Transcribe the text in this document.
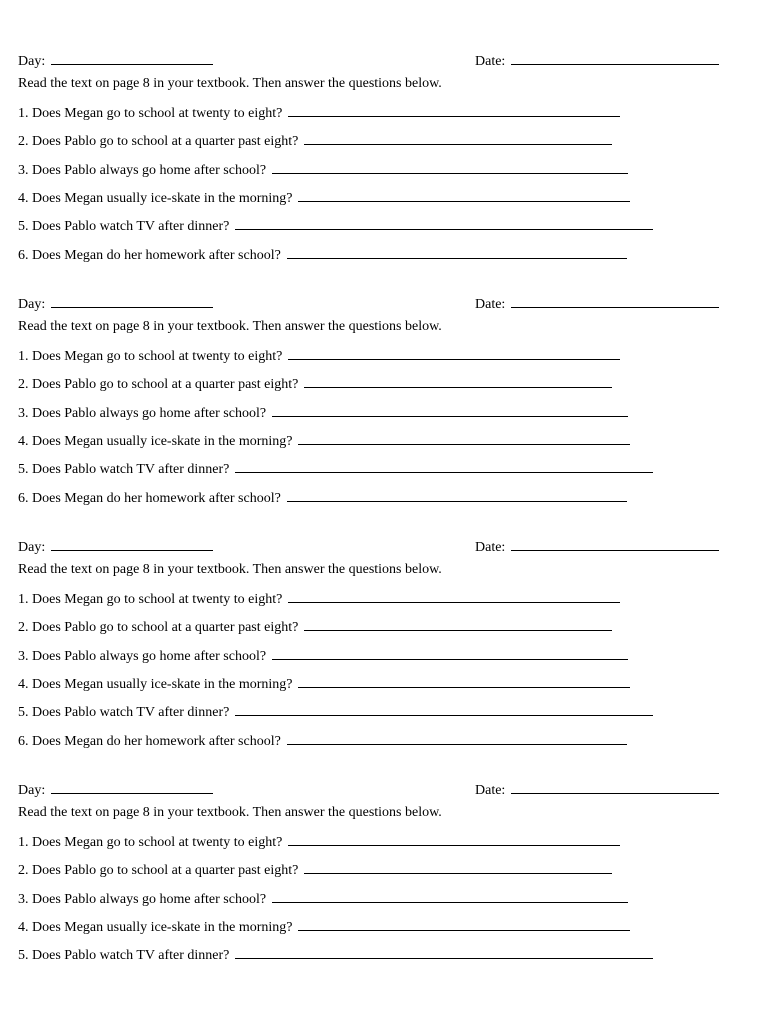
Day:	Date:
Read the text on page 8 in your textbook. Then answer the questions below.
1. Does Megan go to school at twenty to eight?
2. Does Pablo go to school at a quarter past eight?
3. Does Pablo always go home after school?
4. Does Megan usually ice-skate in the morning?
5. Does Pablo watch TV after dinner?
6. Does Megan do her homework after school?
Day:	Date:
Read the text on page 8 in your textbook. Then answer the questions below.
1. Does Megan go to school at twenty to eight?
2. Does Pablo go to school at a quarter past eight?
3. Does Pablo always go home after school?
4. Does Megan usually ice-skate in the morning?
5. Does Pablo watch TV after dinner?
6. Does Megan do her homework after school?
Day:	Date:
Read the text on page 8 in your textbook. Then answer the questions below.
1. Does Megan go to school at twenty to eight?
2. Does Pablo go to school at a quarter past eight?
3. Does Pablo always go home after school?
4. Does Megan usually ice-skate in the morning?
5. Does Pablo watch TV after dinner?
6. Does Megan do her homework after school?
Day:	Date:
Read the text on page 8 in your textbook. Then answer the questions below.
1. Does Megan go to school at twenty to eight?
2. Does Pablo go to school at a quarter past eight?
3. Does Pablo always go home after school?
4. Does Megan usually ice-skate in the morning?
5. Does Pablo watch TV after dinner?
